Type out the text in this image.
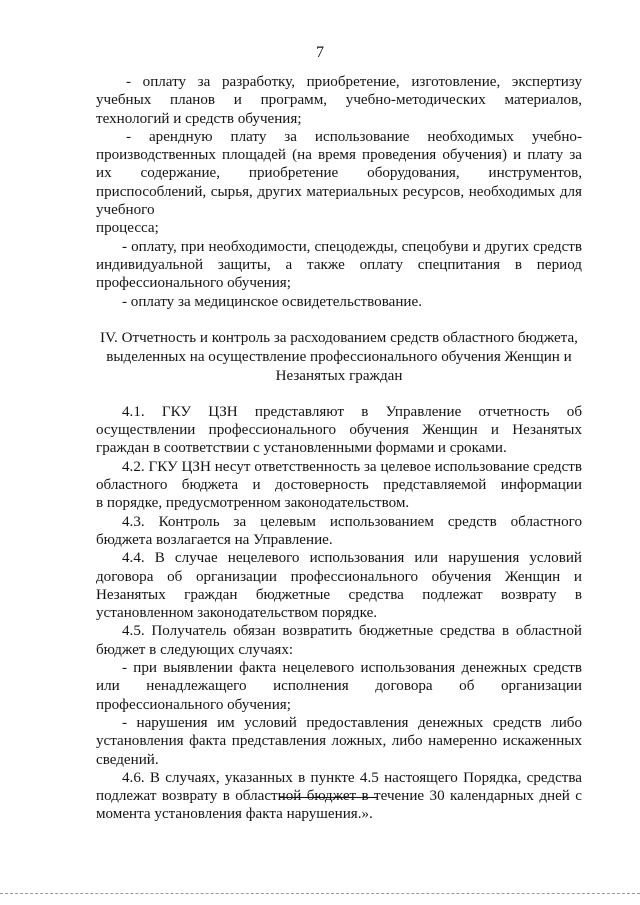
7

- оплату за разработку, приобретение, изготовление, экспертизу учебных планов и программ, учебно-методических материалов,

технологий и средств обучения;

- арендную плату за использование необходимых учебно-производственных площадей (на время проведения обучения) и плату за их содержание, приобретение оборудования, инструментов, приспособлений, сырья, других материальных ресурсов, необходимых для учебного

процесса;

- оплату, при необходимости, спецодежды, спецобуви и других средств индивидуальной защиты, а также оплату спецпитания в период

профессионального обучения;

- оплату за медицинское освидетельствование.

IV. Отчетность и контроль за расходованием средств областного бюджета, выделенных на осуществление профессионального обучения Женщин и Незанятых граждан

4.1. ГКУ ЦЗН представляют в Управление отчетность об осуществлении профессионального обучения Женщин и Незанятых

граждан в соответствии с установленными формами и сроками.

4.2. ГКУ ЦЗН несут ответственность за целевое использование средств областного бюджета и достоверность представляемой информации

в порядке, предусмотренном законодательством.

4.3. Контроль за целевым использованием средств областного

бюджета возлагается на Управление.

4.4. В случае нецелевого использования или нарушения условий договора об организации профессионального обучения Женщин и Незанятых граждан бюджетные средства подлежат возврату в

установленном законодательством порядке.

4.5. Получатель обязан возвратить бюджетные средства в областной

бюджет в следующих случаях:

- при выявлении факта нецелевого использования денежных средств или ненадлежащего исполнения договора об организации

профессионального обучения;

- нарушения им условий предоставления денежных средств либо установления факта представления ложных, либо намеренно искаженных

сведений.

4.6. В случаях, указанных в пункте 4.5 настоящего Порядка, средства подлежат возврату в областной бюджет в течение 30 календарных дней с

момента установления факта нарушения.».
